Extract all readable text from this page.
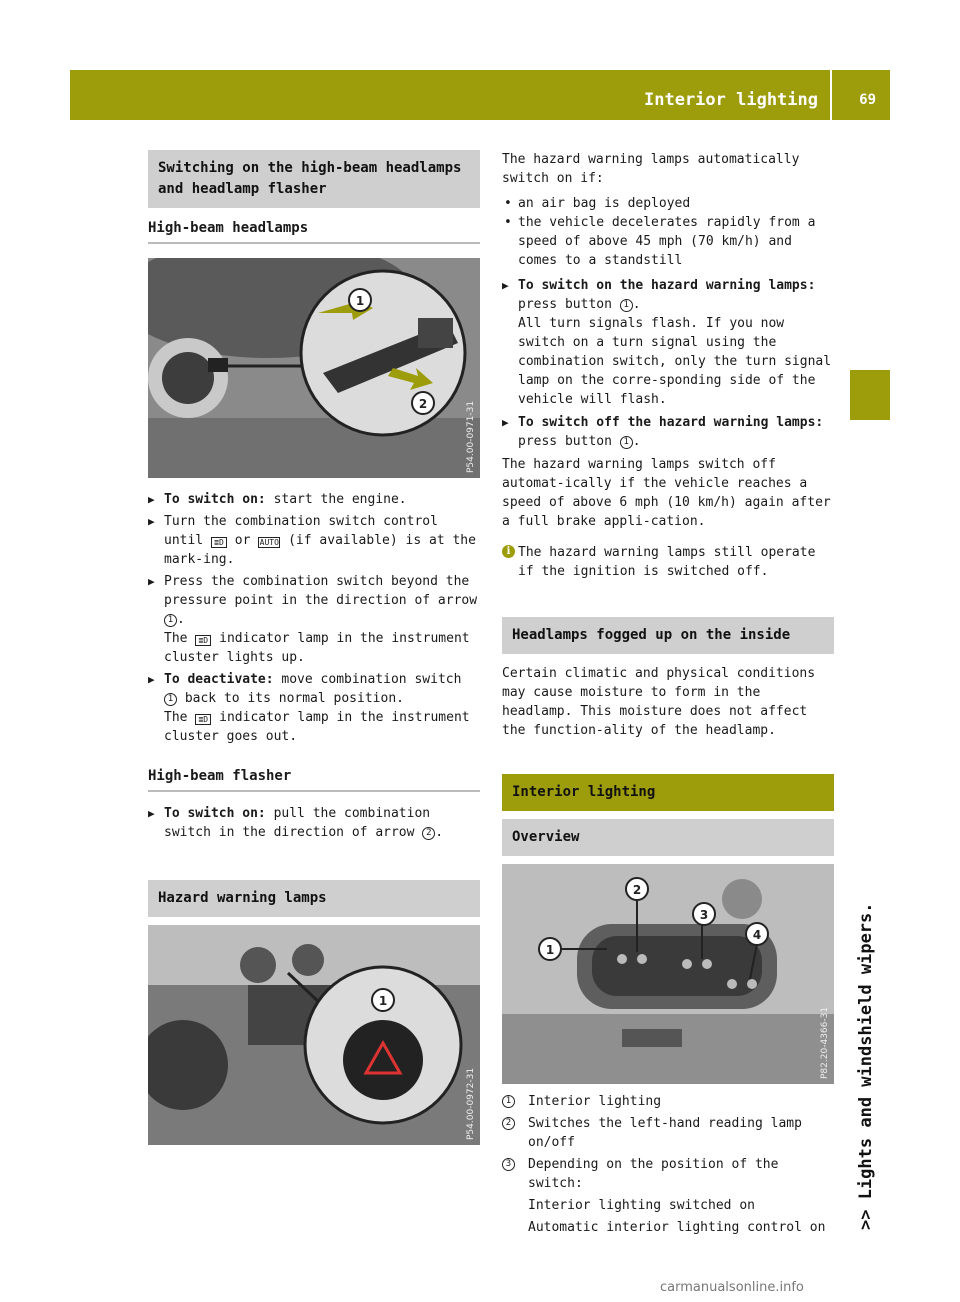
Interior lighting	69
>> Lights and windshield wipers.
Switching on the high-beam headlamps and headlamp flasher
High-beam headlamps
1
2	P54.00-0971-31
▶ To switch on: start the engine.
▶ Turn the combination switch control until ≣D or AUTO (if available) is at the mark-ing.
▶ Press the combination switch beyond the pressure point in the direction of arrow 1 .
The ≣D indicator lamp in the instrument cluster lights up.
▶ To deactivate: move combination switch 1 back to its normal position.
The ≣D indicator lamp in the instrument cluster goes out.
High-beam flasher
▶ To switch on: pull the combination switch in the direction of arrow 2 .
Hazard warning lamps
1
P54.00-0972-31
The hazard warning lamps automatically switch on if:
• an air bag is deployed
• the vehicle decelerates rapidly from a speed of above 45 mph (70 km/h) and comes to a standstill
▶ To switch on the hazard warning lamps:
press button 1 .
All turn signals flash. If you now switch on a turn signal using the combination switch, only the turn signal lamp on the corre-sponding side of the vehicle will flash.
▶ To switch off the hazard warning lamps:
press button 1 .
The hazard warning lamps switch off automat-ically if the vehicle reaches a speed of above 6 mph (10 km/h) again after a full brake appli-cation.
i The hazard warning lamps still operate if the ignition is switched off.
Headlamps fogged up on the inside
Certain climatic and physical conditions may cause moisture to form in the headlamp. This moisture does not affect the function-ality of the headlamp.
Interior lighting
Overview
1
2
3
4
P82.20-4366-31
1 Interior lighting
2 Switches the left-hand reading lamp on/off
3 Depending on the position of the switch:
Interior lighting switched on
Automatic interior lighting control on
carmanualsonline.info
